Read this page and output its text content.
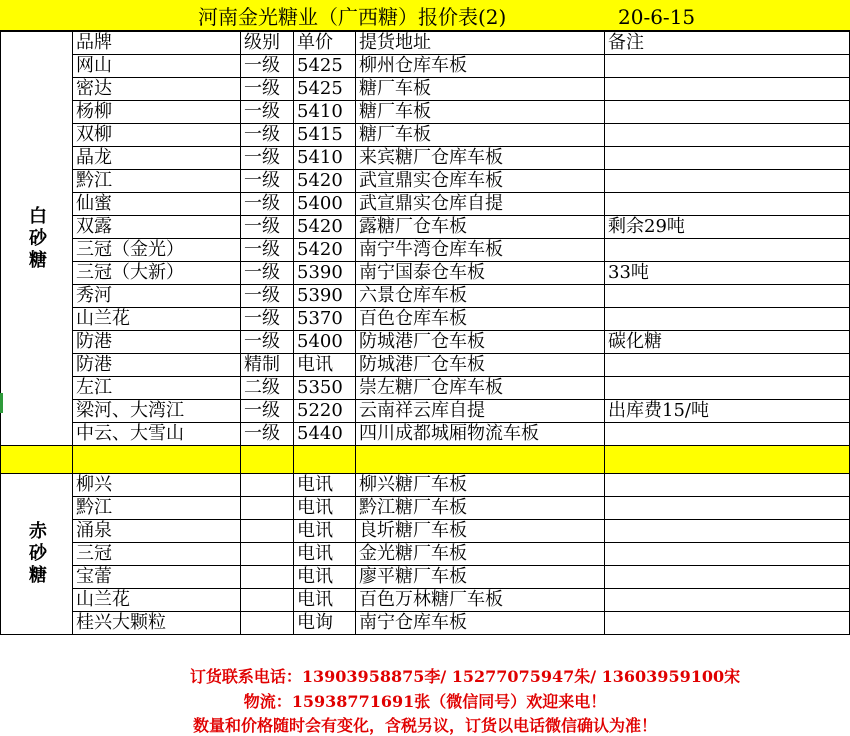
河南金光糖业（广西糖）报价表(2)	20-6-15
白
砂
糖	品牌	级别	单价	提货地址	备注
	网山	一级	5425	柳州仓库车板	
	密达	一级	5425	糖厂车板	
	杨柳	一级	5410	糖厂车板	
	双柳	一级	5415	糖厂车板	
	晶龙	一级	5410	来宾糖厂仓库车板	
	黔江	一级	5420	武宣鼎实仓库车板	
	仙蜜	一级	5400	武宣鼎实仓库自提	
	双露	一级	5420	露糖厂仓车板	剩余29吨
	三冠（金光）	一级	5420	南宁牛湾仓库车板	
	三冠（大新）	一级	5390	南宁国泰仓车板	33吨
	秀河	一级	5390	六景仓库车板	
	山兰花	一级	5370	百色仓库车板	
	防港	一级	5400	防城港厂仓车板	碳化糖
	防港	精制	电讯	防城港厂仓车板	
	左江	二级	5350	崇左糖厂仓库车板	
	梁河、大湾江	一级	5220	云南祥云库自提	出库费15/吨
	中云、大雪山	一级	5440	四川成都城厢物流车板	

赤
砂
糖	柳兴		电讯	柳兴糖厂车板	
	黔江		电讯	黔江糖厂车板	
	涌泉		电讯	良圻糖厂车板	
	三冠		电讯	金光糖厂车板	
	宝蕾		电讯	廖平糖厂车板	
	山兰花		电讯	百色万林糖厂车板	
	桂兴大颗粒		电询	南宁仓库车板	
订货联系电话：13903958875李/ 15277075947朱/ 13603959100宋
物流：15938771691张（微信同号）欢迎来电！
数量和价格随时会有变化，含税另议，订货以电话微信确认为准！
